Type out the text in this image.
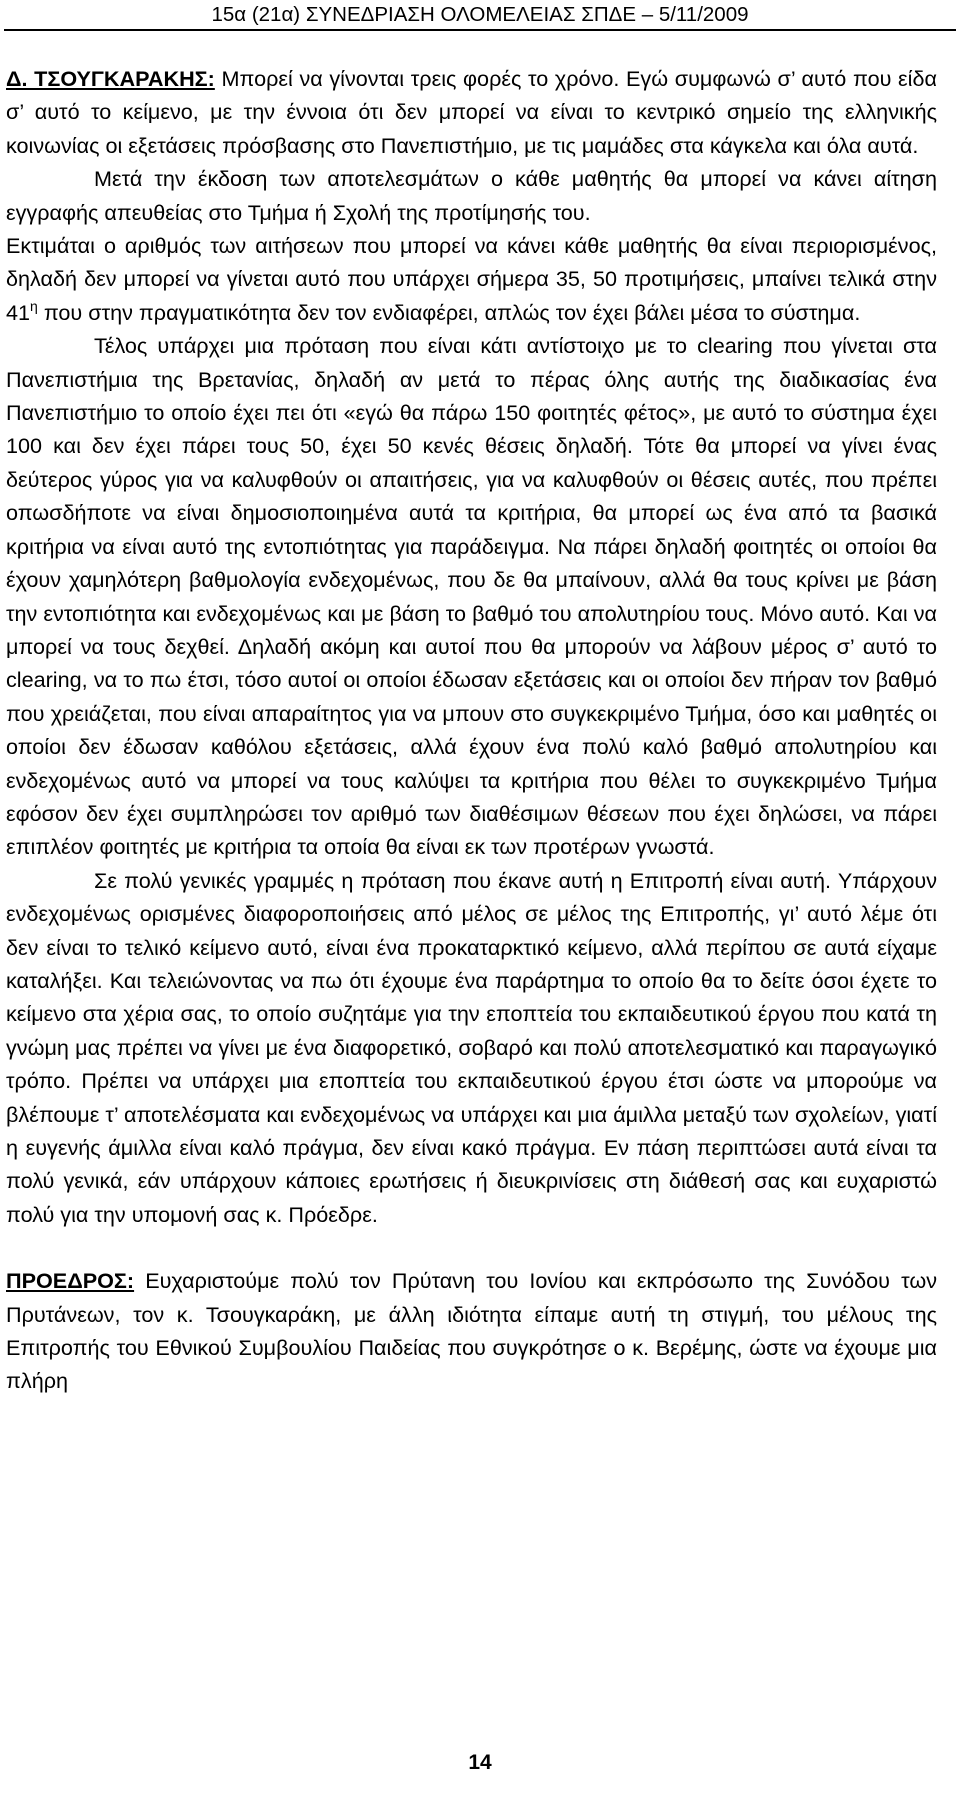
15α (21α) ΣΥΝΕΔΡΙΑΣΗ ΟΛΟΜΕΛΕΙΑΣ ΣΠΔΕ – 5/11/2009

Δ. ΤΣΟΥΓΚΑΡΑΚΗΣ: Μπορεί να γίνονται τρεις φορές το χρόνο. Εγώ συμφωνώ σ’ αυτό που είδα σ’ αυτό το κείμενο, με την έννοια ότι δεν μπορεί να είναι το κεντρικό σημείο της ελληνικής κοινωνίας οι εξετάσεις πρόσβασης στο Πανεπιστήμιο, με τις μαμάδες στα κάγκελα και όλα αυτά.

Μετά την έκδοση των αποτελεσμάτων ο κάθε μαθητής θα μπορεί να κάνει αίτηση εγγραφής απευθείας στο Τμήμα ή Σχολή της προτίμησής του.

Εκτιμάται ο αριθμός των αιτήσεων που μπορεί να κάνει κάθε μαθητής θα είναι περιορισμένος, δηλαδή δεν μπορεί να γίνεται αυτό που υπάρχει σήμερα 35, 50 προτιμήσεις, μπαίνει τελικά στην $41^\eta$ που στην πραγματικότητα δεν τον ενδιαφέρει, απλώς τον έχει βάλει μέσα το σύστημα.

Τέλος υπάρχει μια πρόταση που είναι κάτι αντίστοιχο με το clearing που γίνεται στα Πανεπιστήμια της Βρετανίας, δηλαδή αν μετά το πέρας όλης αυτής της διαδικασίας ένα Πανεπιστήμιο το οποίο έχει πει ότι «εγώ θα πάρω 150 φοιτητές φέτος», με αυτό το σύστημα έχει 100 και δεν έχει πάρει τους 50, έχει 50 κενές θέσεις δηλαδή. Τότε θα μπορεί να γίνει ένας δεύτερος γύρος για να καλυφθούν οι απαιτήσεις, για να καλυφθούν οι θέσεις αυτές, που πρέπει οπωσδήποτε να είναι δημοσιοποιημένα αυτά τα κριτήρια, θα μπορεί ως ένα από τα βασικά κριτήρια να είναι αυτό της εντοπιότητας για παράδειγμα. Να πάρει δηλαδή φοιτητές οι οποίοι θα έχουν χαμηλότερη βαθμολογία ενδεχομένως, που δε θα μπαίνουν, αλλά θα τους κρίνει με βάση την εντοπιότητα και ενδεχομένως και με βάση το βαθμό του απολυτηρίου τους. Μόνο αυτό. Και να μπορεί να τους δεχθεί. Δηλαδή ακόμη και αυτοί που θα μπορούν να λάβουν μέρος σ’ αυτό το clearing, να το πω έτσι, τόσο αυτοί οι οποίοι έδωσαν εξετάσεις και οι οποίοι δεν πήραν τον βαθμό που χρειάζεται, που είναι απαραίτητος για να μπουν στο συγκεκριμένο Τμήμα, όσο και μαθητές οι οποίοι δεν έδωσαν καθόλου εξετάσεις, αλλά έχουν ένα πολύ καλό βαθμό απολυτηρίου και ενδεχομένως αυτό να μπορεί να τους καλύψει τα κριτήρια που θέλει το συγκεκριμένο Τμήμα εφόσον δεν έχει συμπληρώσει τον αριθμό των διαθέσιμων θέσεων που έχει δηλώσει, να πάρει επιπλέον φοιτητές με κριτήρια τα οποία θα είναι εκ των προτέρων γνωστά.

Σε πολύ γενικές γραμμές η πρόταση που έκανε αυτή η Επιτροπή είναι αυτή. Υπάρχουν ενδεχομένως ορισμένες διαφοροποιήσεις από μέλος σε μέλος της Επιτροπής, γι’ αυτό λέμε ότι δεν είναι το τελικό κείμενο αυτό, είναι ένα προκαταρκτικό κείμενο, αλλά περίπου σε αυτά είχαμε καταλήξει. Και τελειώνοντας να πω ότι έχουμε ένα παράρτημα το οποίο θα το δείτε όσοι έχετε το κείμενο στα χέρια σας, το οποίο συζητάμε για την εποπτεία του εκπαιδευτικού έργου που κατά τη γνώμη μας πρέπει να γίνει με ένα διαφορετικό, σοβαρό και πολύ αποτελεσματικό και παραγωγικό τρόπο. Πρέπει να υπάρχει μια εποπτεία του εκπαιδευτικού έργου έτσι ώστε να μπορούμε να βλέπουμε τ’ αποτελέσματα και ενδεχομένως να υπάρχει και μια άμιλλα μεταξύ των σχολείων, γιατί η ευγενής άμιλλα είναι καλό πράγμα, δεν είναι κακό πράγμα. Εν πάση περιπτώσει αυτά είναι τα πολύ γενικά, εάν υπάρχουν κάποιες ερωτήσεις ή διευκρινίσεις στη διάθεσή σας και ευχαριστώ πολύ για την υπομονή σας κ. Πρόεδρε.

ΠΡΟΕΔΡΟΣ: Ευχαριστούμε πολύ τον Πρύτανη του Ιονίου και εκπρόσωπο της Συνόδου των Πρυτάνεων, τον κ. Τσουγκαράκη, με άλλη ιδιότητα είπαμε αυτή τη στιγμή, του μέλους της Επιτροπής του Εθνικού Συμβουλίου Παιδείας που συγκρότησε ο κ. Βερέμης, ώστε να έχουμε μια πλήρη

14
